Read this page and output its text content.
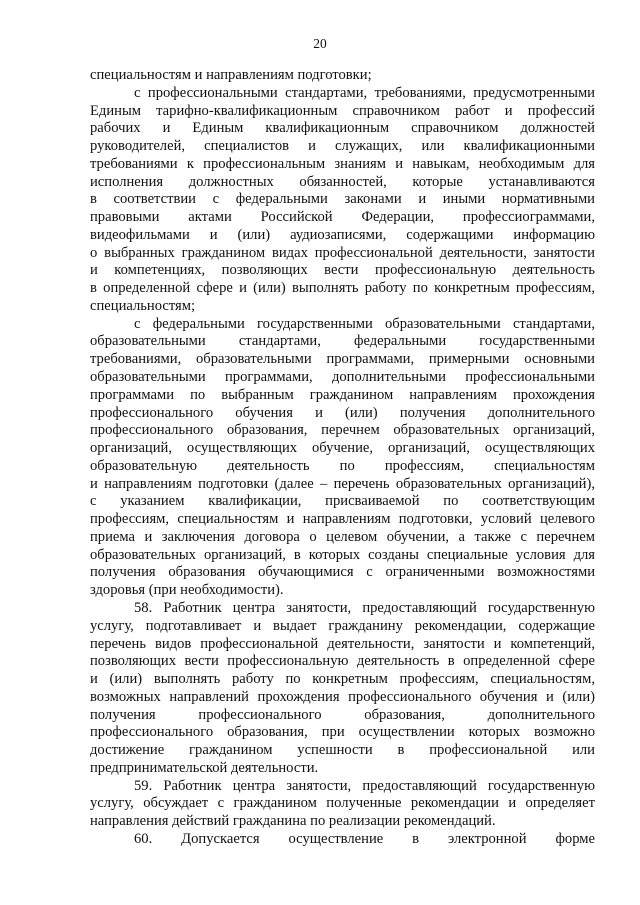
20
специальностям и направлениям подготовки;
с профессиональными стандартами, требованиями, предусмотренными
Единым тарифно-квалификационным справочником работ и профессий
рабочих и Единым квалификационным справочником должностей
руководителей, специалистов и служащих, или квалификационными
требованиями к профессиональным знаниям и навыкам, необходимым для
исполнения должностных обязанностей, которые устанавливаются
в соответствии с федеральными законами и иными нормативными
правовыми актами Российской Федерации, профессиограммами,
видеофильмами и (или) аудиозаписями, содержащими информацию
о выбранных гражданином видах профессиональной деятельности, занятости
и компетенциях, позволяющих вести профессиональную деятельность
в определенной сфере и (или) выполнять работу по конкретным профессиям,
специальностям;
с федеральными государственными образовательными стандартами,
образовательными стандартами, федеральными государственными
требованиями, образовательными программами, примерными основными
образовательными программами, дополнительными профессиональными
программами по выбранным гражданином направлениям прохождения
профессионального обучения и (или) получения дополнительного
профессионального образования, перечнем образовательных организаций,
организаций, осуществляющих обучение, организаций, осуществляющих
образовательную деятельность по профессиям, специальностям
и направлениям подготовки (далее – перечень образовательных организаций),
с указанием квалификации, присваиваемой по соответствующим
профессиям, специальностям и направлениям подготовки, условий целевого
приема и заключения договора о целевом обучении, а также с перечнем
образовательных организаций, в которых созданы специальные условия для
получения образования обучающимися с ограниченными возможностями
здоровья (при необходимости).
58. Работник центра занятости, предоставляющий государственную
услугу, подготавливает и выдает гражданину рекомендации, содержащие
перечень видов профессиональной деятельности, занятости и компетенций,
позволяющих вести профессиональную деятельность в определенной сфере
и (или) выполнять работу по конкретным профессиям, специальностям,
возможных направлений прохождения профессионального обучения и (или)
получения профессионального образования, дополнительного
профессионального образования, при осуществлении которых возможно
достижение гражданином успешности в профессиональной или
предпринимательской деятельности.
59. Работник центра занятости, предоставляющий государственную
услугу, обсуждает с гражданином полученные рекомендации и определяет
направления действий гражданина по реализации рекомендаций.
60. Допускается осуществление в электронной форме
